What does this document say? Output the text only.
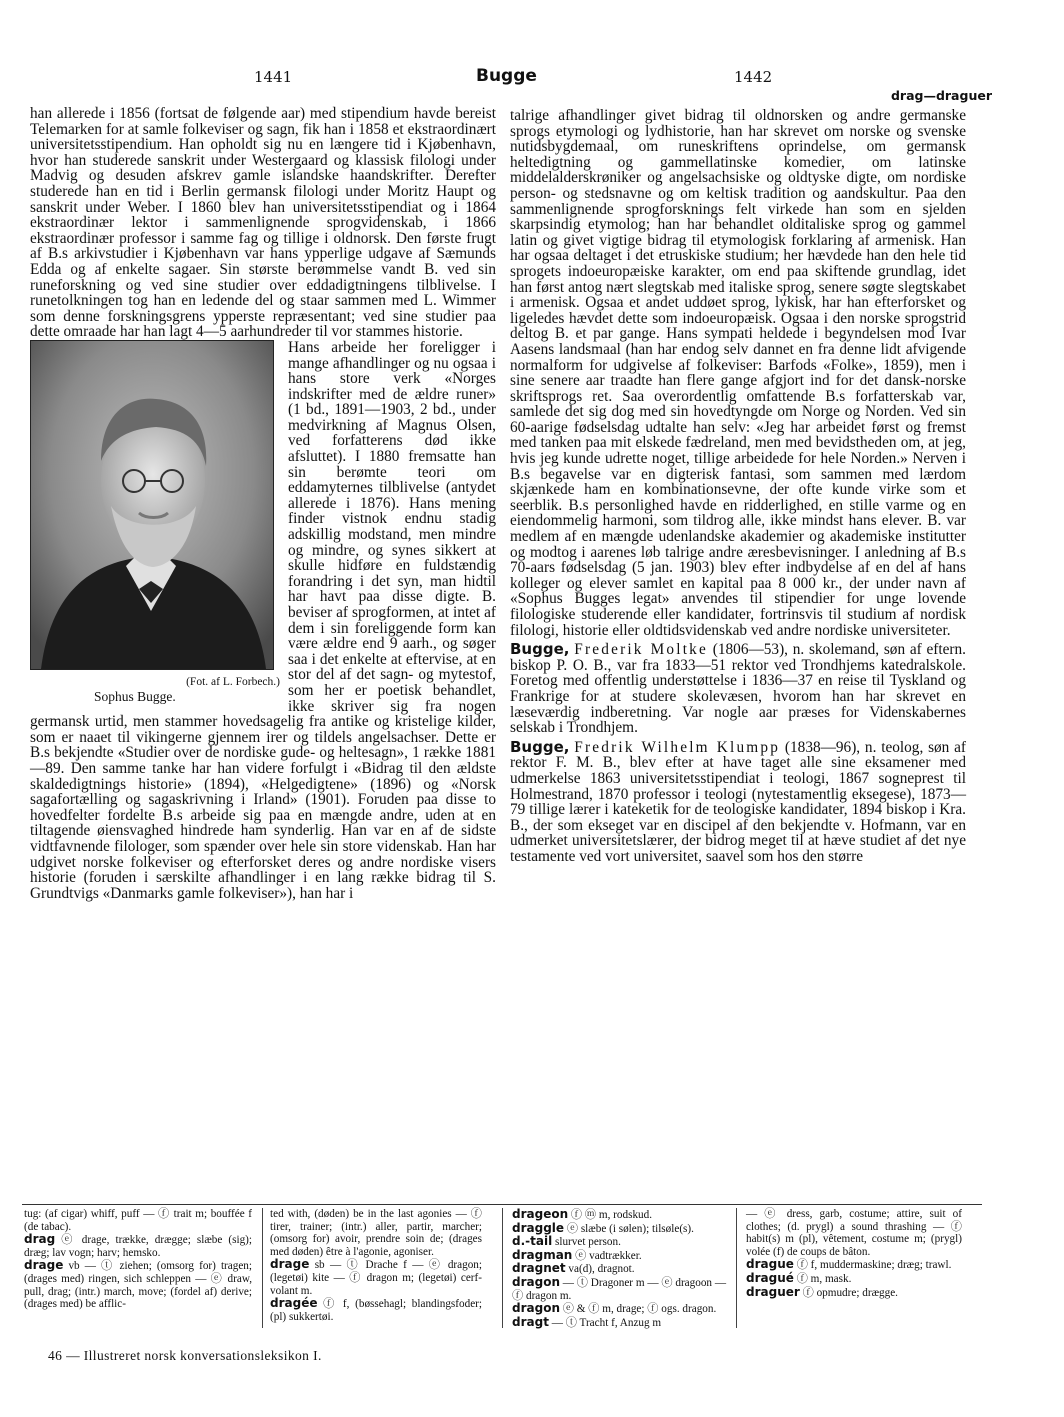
1441	Bugge	1442
drag—draguer

han allerede i 1856 (fortsat de følgende aar) med stipendium havde bereist Telemarken for at samle folkeviser og sagn, fik han i 1858 et ekstraordinært universitetsstipendium. Han opholdt sig nu en længere tid i Kjøbenhavn, hvor han studerede sanskrit under Westergaard og klassisk filologi under Madvig og desuden afskrev gamle islandske haandskrifter. Derefter studerede han en tid i Berlin germansk filologi under Moritz Haupt og sanskrit under Weber. I 1860 blev han universitetsstipendiat og i 1864 ekstraordinær lektor i sammenlignende sprogvidenskab, i 1866 ekstraordinær professor i samme fag og tillige i oldnorsk. Den første frugt af B.s arkivstudier i Kjøbenhavn var hans ypperlige udgave af Sæmunds Edda og af enkelte sagaer. Sin største berømmelse vandt B. ved sin runeforskning og ved sine studier over eddadigtningens tilblivelse. I runetolkningen tog han en ledende del og staar sammen med L. Wimmer som denne forskningsgrens ypperste repræsentant; ved sine studier paa dette omraade har han lagt 4—5 aarhundreder til vor stammes historie.

(Fot. af L. Forbech.)
Sophus Bugge.

Hans arbeide her foreligger i mange afhandlinger og nu ogsaa i hans store verk «Norges indskrifter med de ældre runer» (1 bd., 1891—1903, 2 bd., under medvirkning af Magnus Olsen, ved forfatterens død ikke afsluttet). I 1880 fremsatte han sin berømte teori om eddamyternes tilblivelse (antydet allerede i 1876). Hans mening finder vistnok endnu stadig adskillig modstand, men mindre og mindre, og synes sikkert at skulle hidføre en fuldstændig forandring i det syn, man hidtil har havt paa disse digte. B. beviser af sprogformen, at intet af dem i sin foreliggende form kan være ældre end 9 aarh., og søger saa i det enkelte at eftervise, at en stor del af det sagn- og mytestof, som her er poetisk behandlet, ikke skriver sig fra nogen germansk urtid, men stammer hovedsagelig fra antike og kristelige kilder, som er naaet til vikingerne gjennem irer og tildels angelsachser. Dette er B.s bekjendte «Studier over de nordiske gude- og heltesagn», 1 række 1881—89. Den samme tanke har han videre forfulgt i «Bidrag til den ældste skaldedigtnings historie» (1894), «Helgedigtene» (1896) og «Norsk sagafortælling og sagaskrivning i Irland» (1901). Foruden paa disse to hovedfelter fordelte B.s arbeide sig paa en mængde andre, uden at en tiltagende øiensvaghed hindrede ham synderlig. Han var en af de sidste vidtfavnende filologer, som spænder over hele sin store videnskab. Han har udgivet norske folkeviser og efterforsket deres og andre nordiske visers historie (foruden i særskilte afhandlinger i en lang række bidrag til S. Grundtvigs «Danmarks gamle folkeviser»), han har i

talrige afhandlinger givet bidrag til oldnorsken og andre germanske sprogs etymologi og lydhistorie, han har skrevet om norske og svenske nutidsbygdemaal, om runeskriftens oprindelse, om germansk heltedigtning og gammellatinske komedier, om latinske middelalderskrøniker og angelsachsiske og oldtyske digte, om nordiske person- og stedsnavne og om keltisk tradition og aandskultur. Paa den sammenlignende sprogforsknings felt virkede han som en sjelden skarpsindig etymolog; han har behandlet olditaliske sprog og gammel latin og givet vigtige bidrag til etymologisk forklaring af armenisk. Han har ogsaa deltaget i det etruskiske studium; her hævdede han den hele tid sprogets indoeuropæiske karakter, om end paa skiftende grundlag, idet han først antog nært slegtskab med italiske sprog, senere søgte slegtskabet i armenisk. Ogsaa et andet uddøet sprog, lykisk, har han efterforsket og ligeledes hævdet dette som indoeuropæisk. Ogsaa i den norske sprogstrid deltog B. et par gange. Hans sympati heldede i begyndelsen mod Ivar Aasens landsmaal (han har endog selv dannet en fra denne lidt afvigende normalform for udgivelse af folkeviser: Barfods «Folke», 1859), men i sine senere aar traadte han flere gange afgjort ind for det dansk-norske skriftsprogs ret. Saa overordentlig omfattende B.s forfatterskab var, samlede det sig dog med sin hovedtyngde om Norge og Norden. Ved sin 60-aarige fødselsdag udtalte han selv: «Jeg har arbeidet først og fremst med tanken paa mit elskede fædreland, men med bevidstheden om, at jeg, hvis jeg kunde udrette noget, tillige arbeidede for hele Norden.» Nerven i B.s begavelse var en digterisk fantasi, som sammen med lærdom skjænkede ham en kombinationsevne, der ofte kunde virke som et seerblik. B.s personlighed havde en ridderlighed, en stille varme og en eiendommelig harmoni, som tildrog alle, ikke mindst hans elever. B. var medlem af en mængde udenlandske akademier og akademiske institutter og modtog i aarenes løb talrige andre æresbevisninger. I anledning af B.s 70-aars fødselsdag (5 jan. 1903) blev efter indbydelse af en del af hans kolleger og elever samlet en kapital paa 8 000 kr., der under navn af «Sophus Bugges legat» anvendes til stipendier for unge lovende filologiske studerende eller kandidater, fortrinsvis til studium af nordisk filologi, historie eller oldtidsvidenskab ved andre nordiske universiteter.

Bugge, Frederik Moltke (1806—53), n. skolemand, søn af eftern. biskop P. O. B., var fra 1833—51 rektor ved Trondhjems katedralskole. Foretog med offentlig understøttelse i 1836—37 en reise til Tyskland og Frankrige for at studere skolevæsen, hvorom han har skrevet en læseværdig indberetning. Var nogle aar præses for Videnskabernes selskab i Trondhjem.

Bugge, Fredrik Wilhelm Klumpp (1838—96), n. teolog, søn af rektor F. M. B., blev efter at have taget alle sine eksamener med udmerkelse 1863 universitetsstipendiat i teologi, 1867 sogneprest til Holmestrand, 1870 professor i teologi (nytestamentlig eksegese), 1873—79 tillige lærer i kateketik for de teologiske kandidater, 1894 biskop i Kra. B., der som ekseget var en discipel af den bekjendte v. Hofmann, var en udmerket universitetslærer, der bidrog meget til at hæve studiet af det nye testamente ved vort universitet, saavel som hos den større

tug: (af cigar) whiff, puff — ⓕ trait m; bouffée f (de tabac).

drag ⓔ drage, trække, drægge; slæbe (sig); dræg; lav vogn; harv; hemsko.

drage vb — ⓣ ziehen; (omsorg for) tragen; (drages med) ringen, sich schleppen — ⓔ draw, pull, drag; (intr.) march, move; (fordel af) derive; (drages med) be afflic-

ted with, (døden) be in the last agonies — ⓕ tirer, trainer; (intr.) aller, partir, marcher; (omsorg for) avoir, prendre soin de; (drages med døden) être à l'agonie, agoniser.

drage sb — ⓣ Drache f — ⓔ dragon; (legetøi) kite — ⓕ dragon m; (legetøi) cerf-volant m.

dragée ⓕ f, (bøssehagl; blandingsfoder; (pl) sukkertøi.

drageon ⓕ ⓜ m, rodskud.

draggle ⓔ slæbe (i sølen); tilsøle(s).

d.-tail slurvet person.

dragman ⓔ vadtrækker.

dragnet va(d), dragnot.

dragon — ⓣ Dragoner m — ⓔ dragoon — ⓕ dragon m.

dragon ⓔ & ⓕ m, drage; ⓕ ogs. dragon.

dragt — ⓣ Tracht f, Anzug m

— ⓔ dress, garb, costume; attire, suit of clothes; (d. prygl) a sound thrashing — ⓕ habit(s) m (pl), vêtement, costume m; (prygl) volée (f) de coups de bâton.

drague ⓕ f, muddermaskine; dræg; trawl.

dragué ⓕ m, mask.

draguer ⓕ opmudre; drægge.

46 — Illustreret norsk konversationsleksikon I.
